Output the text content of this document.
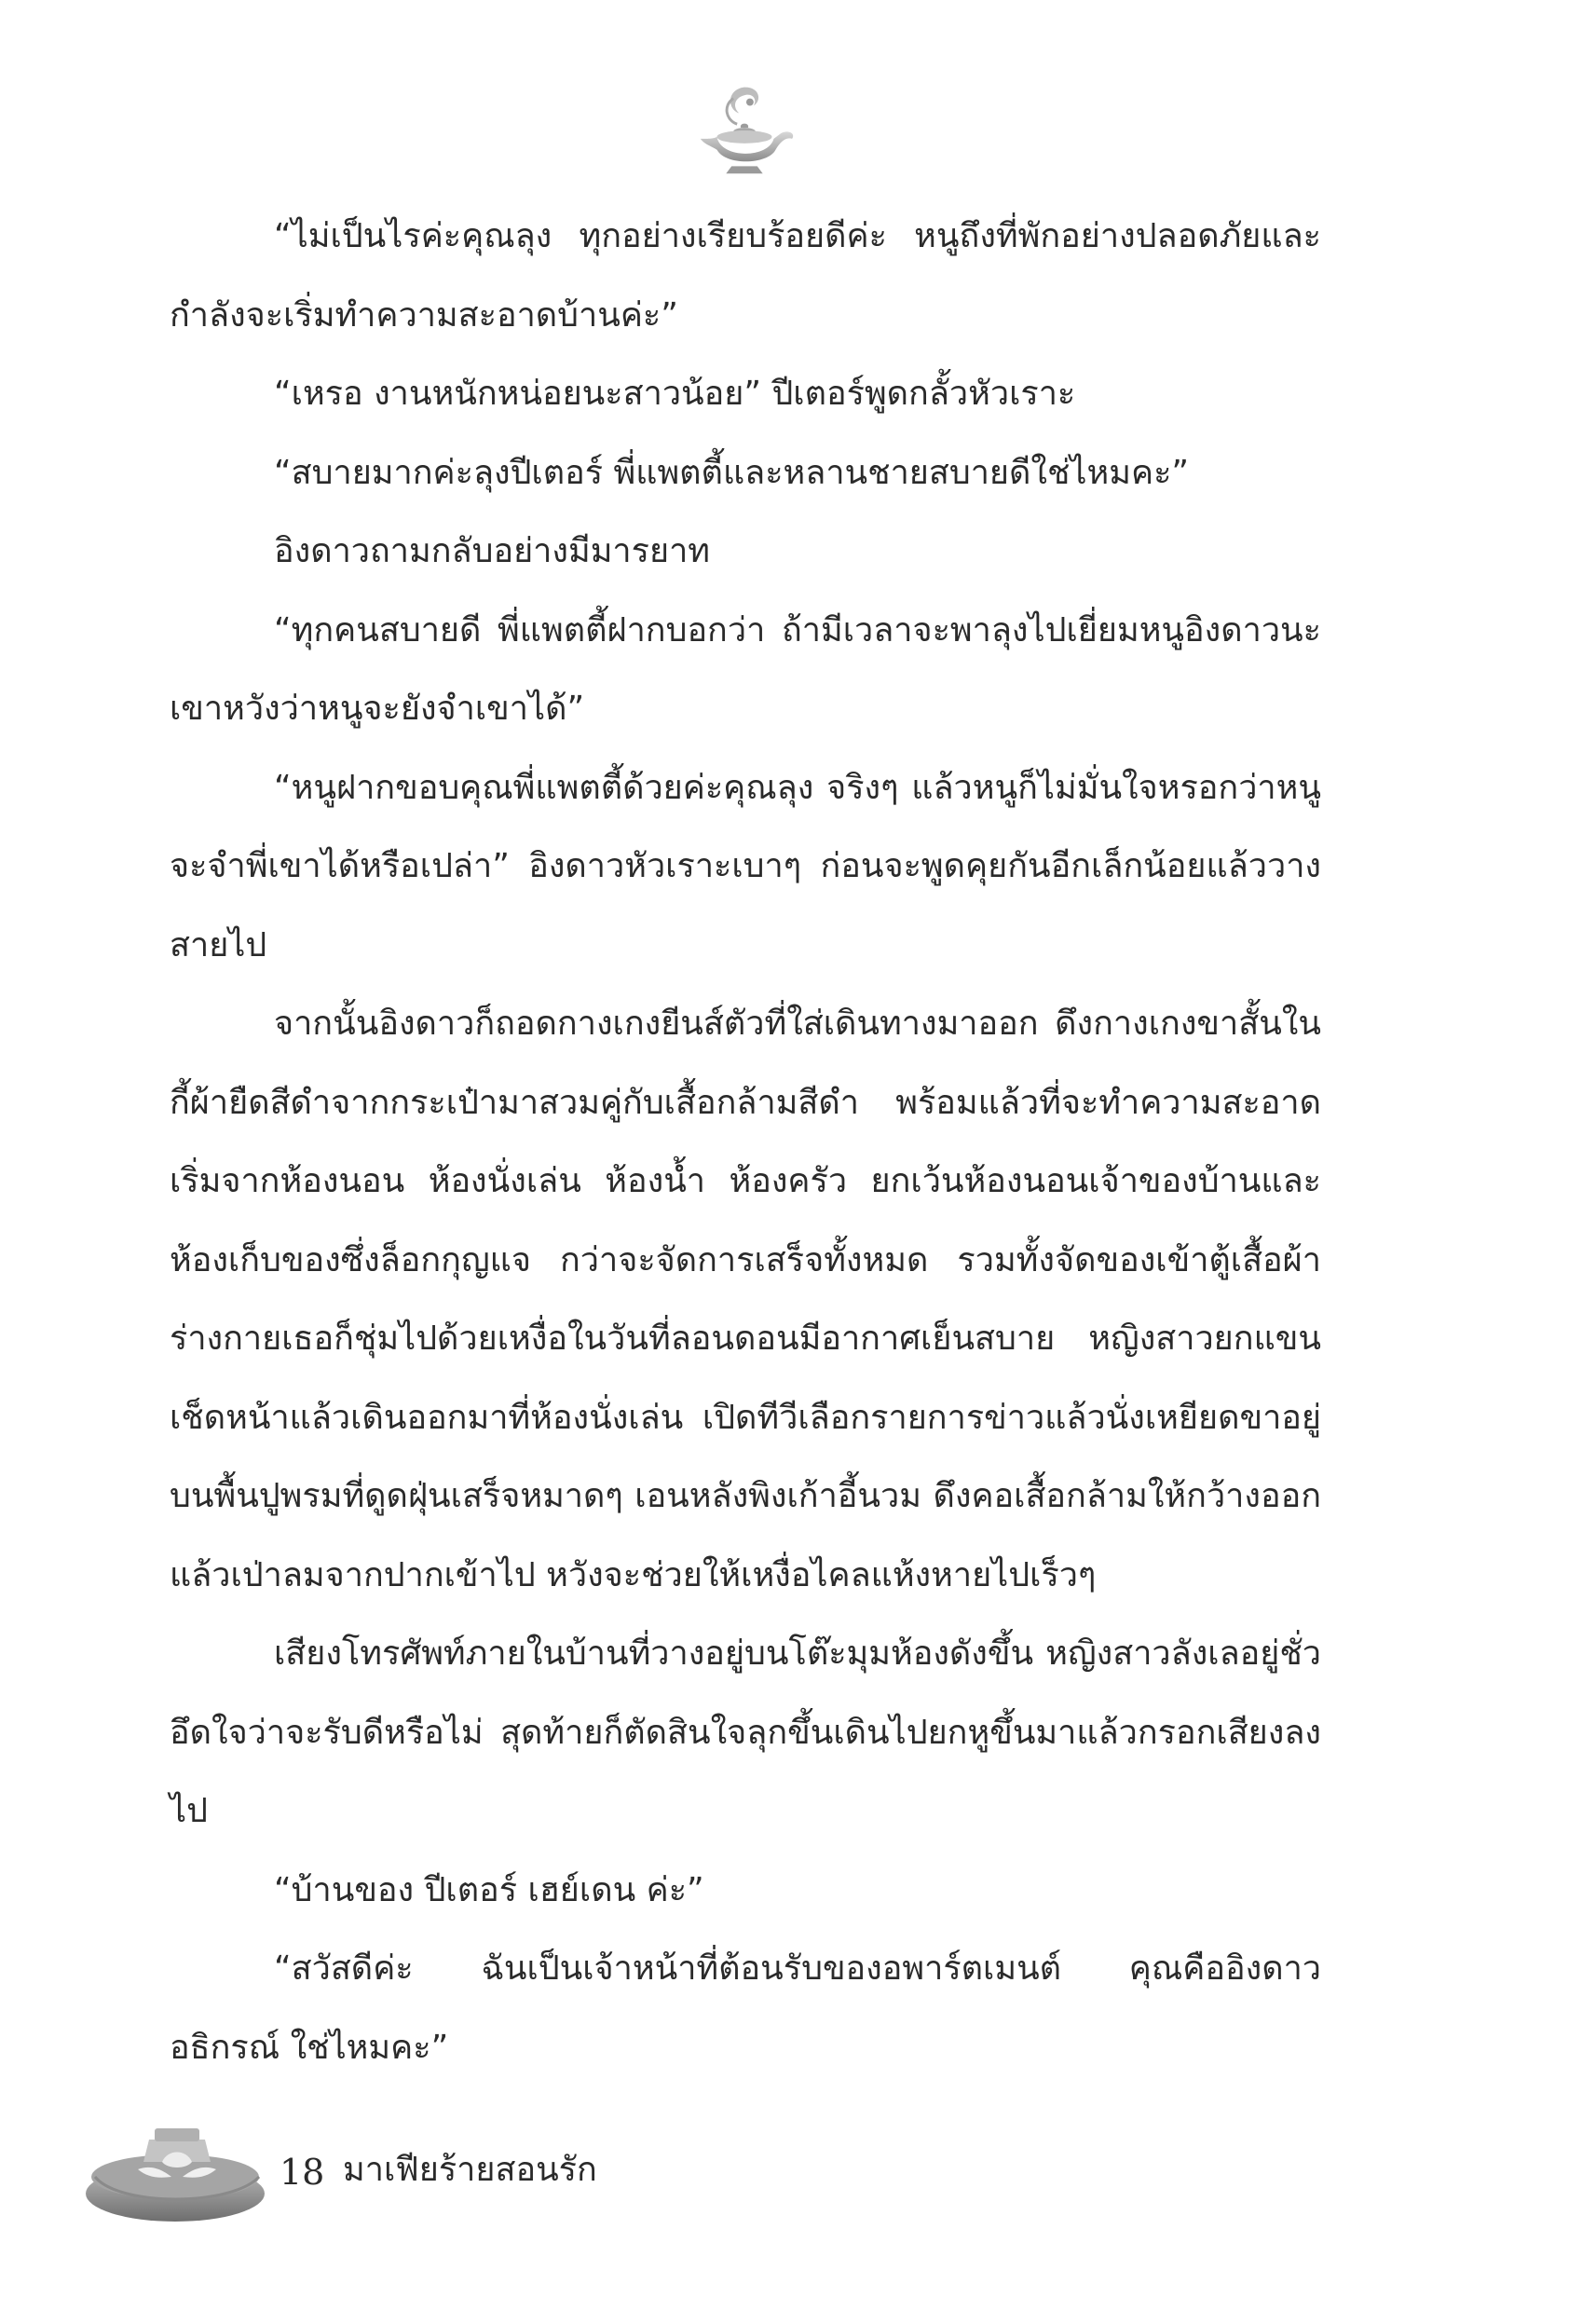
“ไม่เป็นไรค่ะคุณลุง ทุกอย่างเรียบร้อยดีค่ะ หนูถึงที่พักอย่างปลอดภัยและกำลังจะเริ่มทำความสะอาดบ้านค่ะ”

“เหรอ งานหนักหน่อยนะสาวน้อย” ปีเตอร์พูดกลั้วหัวเราะ

“สบายมากค่ะลุงปีเตอร์ พี่แพตตี้และหลานชายสบายดีใช่ไหมคะ”

อิงดาวถามกลับอย่างมีมารยาท

“ทุกคนสบายดี พี่แพตตี้ฝากบอกว่า ถ้ามีเวลาจะพาลุงไปเยี่ยมหนูอิงดาวนะ เขาหวังว่าหนูจะยังจำเขาได้”

“หนูฝากขอบคุณพี่แพตตี้ด้วยค่ะคุณลุง จริงๆ แล้วหนูก็ไม่มั่นใจหรอกว่าหนูจะจำพี่เขาได้หรือเปล่า” อิงดาวหัวเราะเบาๆ ก่อนจะพูดคุยกันอีกเล็กน้อยแล้ววางสายไป

จากนั้นอิงดาวก็ถอดกางเกงยีนส์ตัวที่ใส่เดินทางมาออก ดึงกางเกงขาสั้นในกี้ผ้ายืดสีดำจากกระเป๋ามาสวมคู่กับเสื้อกล้ามสีดำ พร้อมแล้วที่จะทำความสะอาด เริ่มจากห้องนอน ห้องนั่งเล่น ห้องน้ำ ห้องครัว ยกเว้นห้องนอนเจ้าของบ้านและห้องเก็บของซึ่งล็อกกุญแจ กว่าจะจัดการเสร็จทั้งหมด รวมทั้งจัดของเข้าตู้เสื้อผ้า ร่างกายเธอก็ชุ่มไปด้วยเหงื่อในวันที่ลอนดอนมีอากาศเย็นสบาย หญิงสาวยกแขนเช็ดหน้าแล้วเดินออกมาที่ห้องนั่งเล่น เปิดทีวีเลือกรายการข่าวแล้วนั่งเหยียดขาอยู่บนพื้นปูพรมที่ดูดฝุ่นเสร็จหมาดๆ เอนหลังพิงเก้าอี้นวม ดึงคอเสื้อกล้ามให้กว้างออกแล้วเป่าลมจากปากเข้าไป หวังจะช่วยให้เหงื่อไคลแห้งหายไปเร็วๆ

เสียงโทรศัพท์ภายในบ้านที่วางอยู่บนโต๊ะมุมห้องดังขึ้น หญิงสาวลังเลอยู่ชั่วอึดใจว่าจะรับดีหรือไม่ สุดท้ายก็ตัดสินใจลุกขึ้นเดินไปยกหูขึ้นมาแล้วกรอกเสียงลงไป

“บ้านของ ปีเตอร์ เฮย์เดน ค่ะ”

“สวัสดีค่ะ ฉันเป็นเจ้าหน้าที่ต้อนรับของอพาร์ตเมนต์ คุณคืออิงดาว อธิกรณ์ ใช่ไหมคะ”

18 มาเฟียร้ายสอนรัก
